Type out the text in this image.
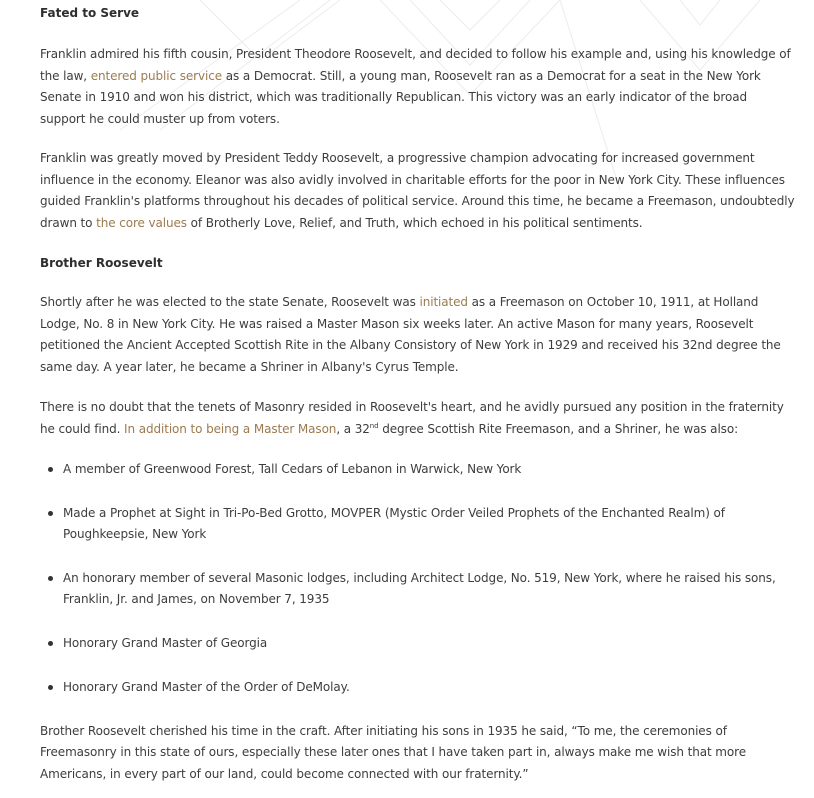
Fated to Serve

Franklin admired his fifth cousin, President Theodore Roosevelt, and decided to follow his example and, using his knowledge of the law, entered public service as a Democrat. Still, a young man, Roosevelt ran as a Democrat for a seat in the New York Senate in 1910 and won his district, which was traditionally Republican. This victory was an early indicator of the broad support he could muster up from voters.

Franklin was greatly moved by President Teddy Roosevelt, a progressive champion advocating for increased government influence in the economy. Eleanor was also avidly involved in charitable efforts for the poor in New York City. These influences guided Franklin's platforms throughout his decades of political service. Around this time, he became a Freemason, undoubtedly drawn to the core values of Brotherly Love, Relief, and Truth, which echoed in his political sentiments.

Brother Roosevelt

Shortly after he was elected to the state Senate, Roosevelt was initiated as a Freemason on October 10, 1911, at Holland Lodge, No. 8 in New York City. He was raised a Master Mason six weeks later. An active Mason for many years, Roosevelt petitioned the Ancient Accepted Scottish Rite in the Albany Consistory of New York in 1929 and received his 32nd degree the same day. A year later, he became a Shriner in Albany's Cyrus Temple.

There is no doubt that the tenets of Masonry resided in Roosevelt's heart, and he avidly pursued any position in the fraternity he could find. In addition to being a Master Mason, a 32nd degree Scottish Rite Freemason, and a Shriner, he was also:

A member of Greenwood Forest, Tall Cedars of Lebanon in Warwick, New York
Made a Prophet at Sight in Tri-Po-Bed Grotto, MOVPER (Mystic Order Veiled Prophets of the Enchanted Realm) of Poughkeepsie, New York
An honorary member of several Masonic lodges, including Architect Lodge, No. 519, New York, where he raised his sons, Franklin, Jr. and James, on November 7, 1935
Honorary Grand Master of Georgia
Honorary Grand Master of the Order of DeMolay.

Brother Roosevelt cherished his time in the craft. After initiating his sons in 1935 he said, “To me, the ceremonies of Freemasonry in this state of ours, especially these later ones that I have taken part in, always make me wish that more Americans, in every part of our land, could become connected with our fraternity.”
